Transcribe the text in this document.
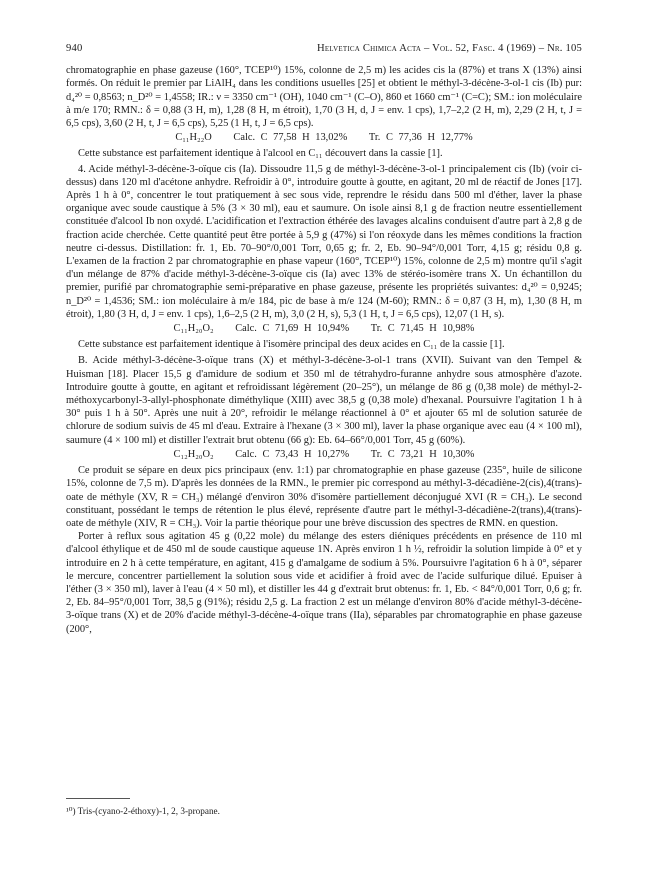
940	Helvetica Chimica Acta – Vol. 52, Fasc. 4 (1969) – Nr. 105

chromatographie en phase gazeuse (160°, TCEP¹⁰) 15%, colonne de 2,5 m) les acides cis la (87%) et trans X (13%) ainsi formés. On réduit le premier par LiAlH₄ dans les conditions usuelles [25] et obtient le méthyl-3-décène-3-ol-1 cis (Ib) pur: d₄²⁰ = 0,8563; n_D²⁰ = 1,4558; IR.: ν = 3350 cm⁻¹ (OH), 1040 cm⁻¹ (C–O), 860 et 1660 cm⁻¹ (C=C); SM.: ion moléculaire à m/e 170; RMN.: δ = 0,88 (3 H, m), 1,28 (8 H, m étroit), 1,70 (3 H, d, J = env. 1 cps), 1,7–2,2 (2 H, m), 2,29 (2 H, t, J = 6,5 cps), 3,60 (2 H, t, J = 6,5 cps), 5,25 (1 H, t, J = 6,5 cps).

C₁₁H₂₂O Calc. C 77,58 H 13,02% Tr. C 77,36 H 12,77%

Cette substance est parfaitement identique à l'alcool en C₁₁ découvert dans la cassie [1].

4. Acide méthyl-3-décène-3-oïque cis (Ia). Dissoudre 11,5 g de méthyl-3-décène-3-ol-1 principalement cis (Ib) (voir ci-dessus) dans 120 ml d'acétone anhydre. Refroidir à 0°, introduire goutte à goutte, en agitant, 20 ml de réactif de Jones [17]. Après 1 h à 0°, concentrer le tout pratiquement à sec sous vide, reprendre le résidu dans 500 ml d'éther, laver la phase organique avec soude caustique à 5% (3 × 30 ml), eau et saumure. On isole ainsi 8,1 g de fraction neutre essentiellement constituée d'alcool Ib non oxydé. L'acidification et l'extraction éthérée des lavages alcalins conduisent d'autre part à 2,8 g de fraction acide cherchée. Cette quantité peut être portée à 5,9 g (47%) si l'on réoxyde dans les mêmes conditions la fraction neutre ci-dessus. Distillation: fr. 1, Eb. 70–90°/0,001 Torr, 0,65 g; fr. 2, Eb. 90–94°/0,001 Torr, 4,15 g; résidu 0,8 g. L'examen de la fraction 2 par chromatographie en phase vapeur (160°, TCEP¹⁰) 15%, colonne de 2,5 m) montre qu'il s'agit d'un mélange de 87% d'acide méthyl-3-décène-3-oïque cis (Ia) avec 13% de stéréo-isomère trans X. Un échantillon du premier, purifié par chromatographie semi-préparative en phase gazeuse, présente les propriétés suivantes: d₄²⁰ = 0,9245; n_D²⁰ = 1,4536; SM.: ion moléculaire à m/e 184, pic de base à m/e 124 (M-60); RMN.: δ = 0,87 (3 H, m), 1,30 (8 H, m étroit), 1,80 (3 H, d, J = env. 1 cps), 1,6–2,5 (2 H, m), 3,0 (2 H, s), 5,3 (1 H, t, J = 6,5 cps), 12,07 (1 H, s).

C₁₁H₂₀O₂ Calc. C 71,69 H 10,94% Tr. C 71,45 H 10,98%

Cette substance est parfaitement identique à l'isomère principal des deux acides en C₁₁ de la cassie [1].

B. Acide méthyl-3-décène-3-oïque trans (X) et méthyl-3-décène-3-ol-1 trans (XVII). Suivant van den Tempel & Huisman [18]. Placer 15,5 g d'amidure de sodium et 350 ml de tétrahydro-furanne anhydre sous atmosphère d'azote. Introduire goutte à goutte, en agitant et refroidissant légèrement (20–25°), un mélange de 86 g (0,38 mole) de méthyl-2-méthoxycarbonyl-3-allyl-phosphonate diméthylique (XIII) avec 38,5 g (0,38 mole) d'hexanal. Poursuivre l'agitation 1 h à 30° puis 1 h à 50°. Après une nuit à 20°, refroidir le mélange réactionnel à 0° et ajouter 65 ml de solution saturée de chlorure de sodium suivis de 45 ml d'eau. Extraire à l'hexane (3 × 300 ml), laver la phase organique avec eau (4 × 100 ml), saumure (4 × 100 ml) et distiller l'extrait brut obtenu (66 g): Eb. 64–66°/0,001 Torr, 45 g (60%).

C₁₂H₂₀O₂ Calc. C 73,43 H 10,27% Tr. C 73,21 H 10,30%

Ce produit se sépare en deux pics principaux (env. 1:1) par chromatographie en phase gazeuse (235°, huile de silicone 15%, colonne de 7,5 m). D'après les données de la RMN., le premier pic correspond au méthyl-3-décadiène-2(cis),4(trans)-oate de méthyle (XV, R = CH₃) mélangé d'environ 30% d'isomère partiellement déconjugué XVI (R = CH₃). Le second constituant, possédant le temps de rétention le plus élevé, représente d'autre part le méthyl-3-décadiène-2(trans),4(trans)-oate de méthyle (XIV, R = CH₃). Voir la partie théorique pour une brève discussion des spectres de RMN. en question.

Porter à reflux sous agitation 45 g (0,22 mole) du mélange des esters diéniques précédents en présence de 110 ml d'alcool éthylique et de 450 ml de soude caustique aqueuse 1N. Après environ 1 h ½, refroidir la solution limpide à 0° et y introduire en 2 h à cette température, en agitant, 415 g d'amalgame de sodium à 5%. Poursuivre l'agitation 6 h à 0°, séparer le mercure, concentrer partiellement la solution sous vide et acidifier à froid avec de l'acide sulfurique dilué. Epuiser à l'éther (3 × 350 ml), laver à l'eau (4 × 50 ml), et distiller les 44 g d'extrait brut obtenus: fr. 1, Eb. < 84°/0,001 Torr, 0,6 g; fr. 2, Eb. 84–95°/0,001 Torr, 38,5 g (91%); résidu 2,5 g. La fraction 2 est un mélange d'environ 80% d'acide méthyl-3-décène-3-oïque trans (X) et de 20% d'acide méthyl-3-décène-4-oïque trans (IIa), séparables par chromatographie en phase gazeuse (200°,

¹⁰) Tris-(cyano-2-éthoxy)-1, 2, 3-propane.
